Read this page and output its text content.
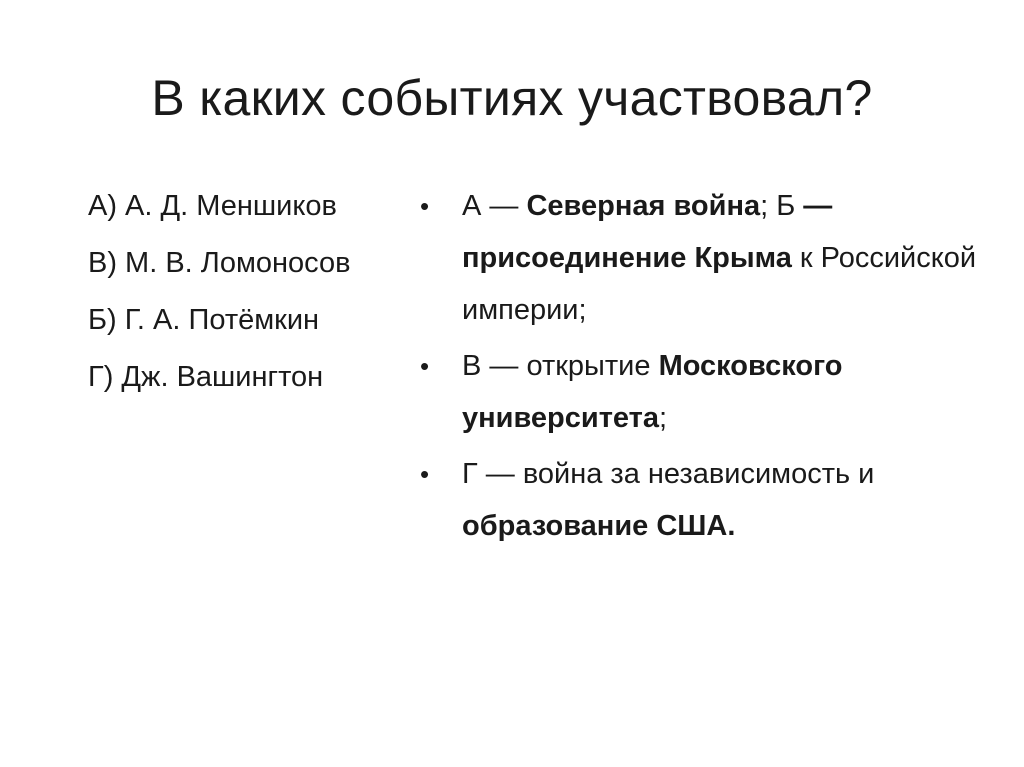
В каких событиях участвовал?
А) А. Д. Меншиков
В) М. В. Ломоносов
Б) Г. А. Потёмкин
Г) Дж. Вашингтон
• А — Северная война; Б — присоединение Крыма к Российской империи;
• В — открытие Московского университета;
• Г — война за независимость и образование США.
